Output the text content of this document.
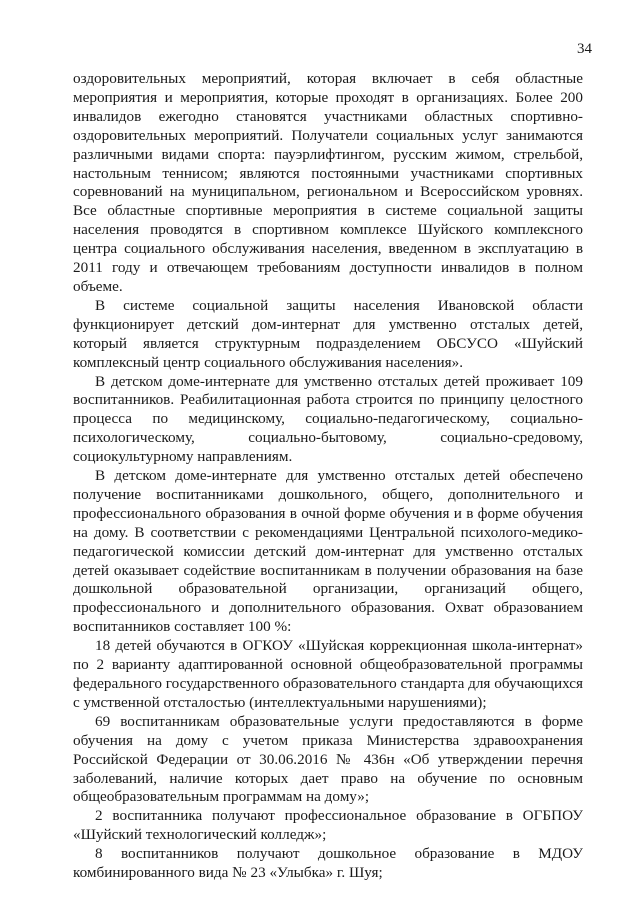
34

оздоровительных мероприятий, которая включает в себя областные мероприятия и мероприятия, которые проходят в организациях. Более 200 инвалидов ежегодно становятся участниками областных спортивно-оздоровительных мероприятий. Получатели социальных услуг занимаются различными видами спорта: пауэрлифтингом, русским жимом, стрельбой, настольным теннисом; являются постоянными участниками спортивных соревнований на муниципальном, региональном и Всероссийском уровнях. Все областные спортивные мероприятия в системе социальной защиты населения проводятся в спортивном комплексе Шуйского комплексного центра социального обслуживания населения, введенном в эксплуатацию в 2011 году и отвечающем требованиям доступности инвалидов в полном объеме.

В системе социальной защиты населения Ивановской области функционирует детский дом-интернат для умственно отсталых детей, который является структурным подразделением ОБСУСО «Шуйский комплексный центр социального обслуживания населения».

В детском доме-интернате для умственно отсталых детей проживает 109 воспитанников. Реабилитационная работа строится по принципу целостного процесса по медицинскому, социально-педагогическому, социально-психологическому, социально-бытовому, социально-средовому, социокультурному направлениям.

В детском доме-интернате для умственно отсталых детей обеспечено получение воспитанниками дошкольного, общего, дополнительного и профессионального образования в очной форме обучения и в форме обучения на дому. В соответствии с рекомендациями Центральной психолого-медико-педагогической комиссии детский дом-интернат для умственно отсталых детей оказывает содействие воспитанникам в получении образования на базе дошкольной образовательной организации, организаций общего, профессионального и дополнительного образования. Охват образованием воспитанников составляет 100 %:

18 детей обучаются в ОГКОУ «Шуйская коррекционная школа-интернат» по 2 варианту адаптированной основной общеобразовательной программы федерального государственного образовательного стандарта для обучающихся с умственной отсталостью (интеллектуальными нарушениями);

69 воспитанникам образовательные услуги предоставляются в форме обучения на дому с учетом приказа Министерства здравоохранения Российской Федерации от 30.06.2016 № 436н «Об утверждении перечня заболеваний, наличие которых дает право на обучение по основным общеобразовательным программам на дому»;

2 воспитанника получают профессиональное образование в ОГБПОУ «Шуйский технологический колледж»;

8 воспитанников получают дошкольное образование в МДОУ комбинированного вида № 23 «Улыбка» г. Шуя;
